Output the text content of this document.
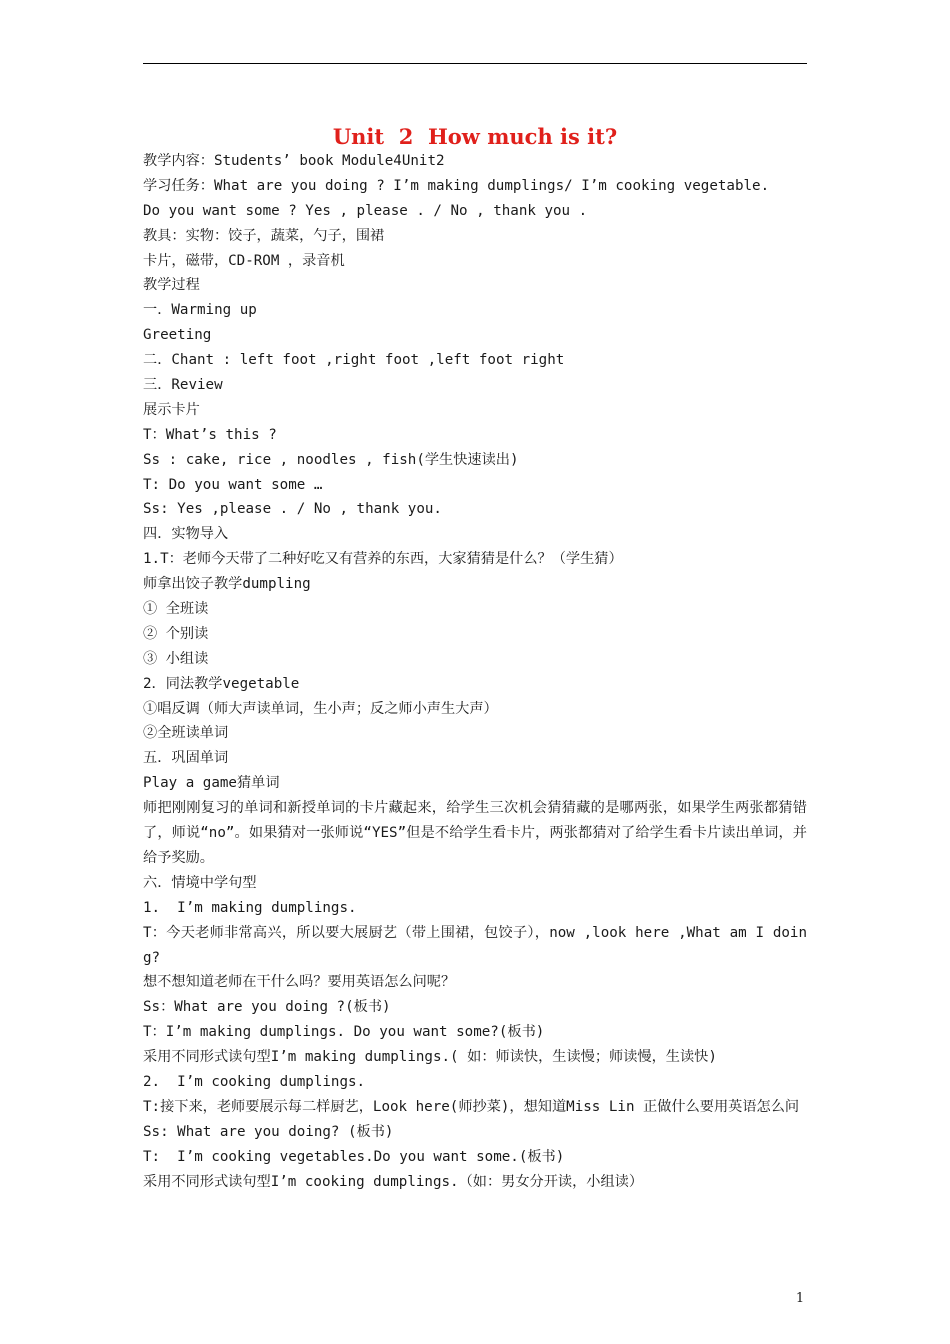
Unit  2  How much is it?
教学内容：Students’ book Module4Unit2
学习任务：What are you doing ? I’m making dumplings/ I’m cooking vegetable.
Do you want some ? Yes , please . / No , thank you .
教具：实物：饺子，蔬菜，勺子，围裙
卡片，磁带，CD-ROM ，录音机
教学过程
一．Warming up
Greeting
二．Chant : left foot ,right foot ,left foot right
三．Review
展示卡片
T：What’s this ?
Ss : cake, rice , noodles , fish(学生快速读出)
T: Do you want some …
Ss: Yes ,please . / No , thank you.
四．实物导入
1.T：老师今天带了二种好吃又有营养的东西，大家猜猜是什么？（学生猜）
师拿出饺子教学dumpling
① 全班读
② 个别读
③ 小组读
2．同法教学vegetable
①唱反调（师大声读单词，生小声；反之师小声生大声）
②全班读单词
五．巩固单词
Play a game猜单词
师把刚刚复习的单词和新授单词的卡片藏起来，给学生三次机会猜猜藏的是哪两张，如果学生两张都猜错了，师说“no”。如果猜对一张师说“YES”但是不给学生看卡片，两张都猜对了给学生看卡片读出单词，并给予奖励。
六．情境中学句型
1.  I’m making dumplings.
T：今天老师非常高兴，所以要大展厨艺（带上围裙，包饺子），now ,look here ,What am I doing?
想不想知道老师在干什么吗？要用英语怎么问呢？
Ss：What are you doing ?(板书)
T：I’m making dumplings. Do you want some?(板书)
采用不同形式读句型I’m making dumplings.( 如：师读快，生读慢；师读慢，生读快)
2.  I’m cooking dumplings.
T:接下来，老师要展示每二样厨艺，Look here(师抄菜)，想知道Miss Lin 正做什么要用英语怎么问
Ss: What are you doing? (板书)
T:  I’m cooking vegetables.Do you want some.(板书)
采用不同形式读句型I’m cooking dumplings.（如：男女分开读，小组读）
1
